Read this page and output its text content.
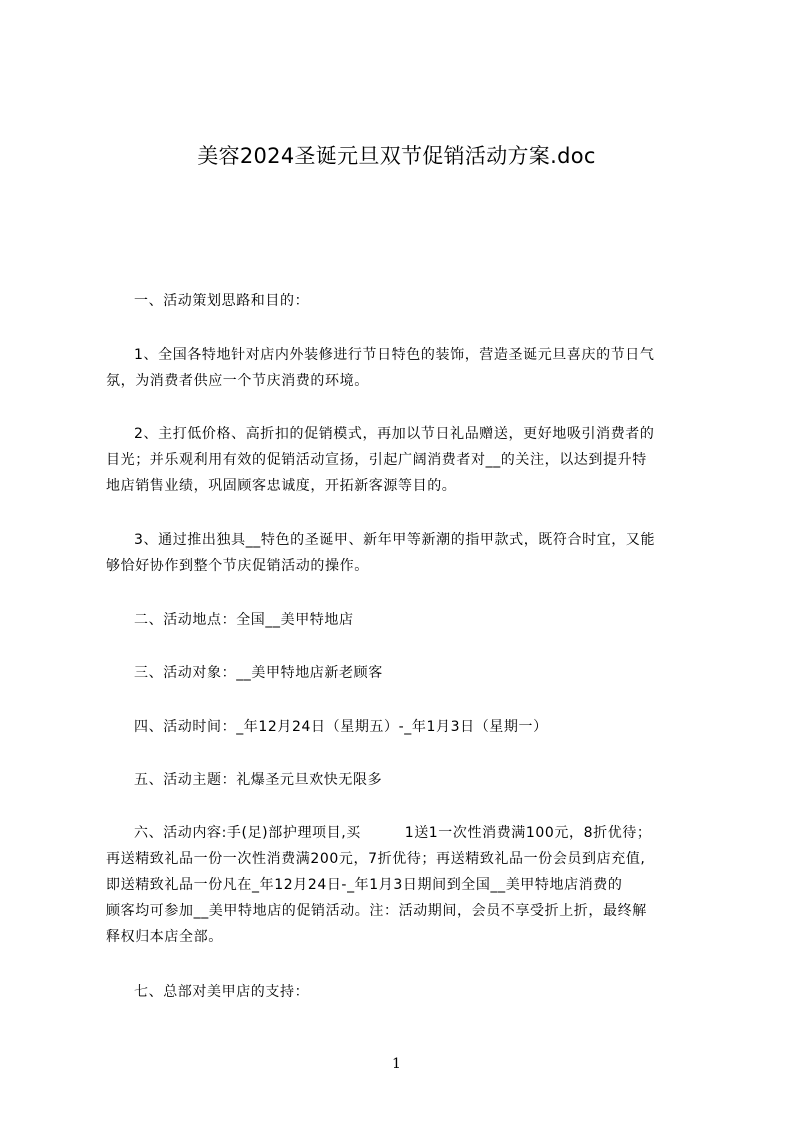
美容2024圣诞元旦双节促销活动方案.doc
一、活动策划思路和目的：
1、全国各特地针对店内外装修进行节日特色的装饰，营造圣诞元旦喜庆的节日气
氛，为消费者供应一个节庆消费的环境。
2、主打低价格、高折扣的促销模式，再加以节日礼品赠送，更好地吸引消费者的
目光；并乐观利用有效的促销活动宣扬，引起广阔消费者对__的关注，以达到提升特
地店销售业绩，巩固顾客忠诚度，开拓新客源等目的。
3、通过推出独具__特色的圣诞甲、新年甲等新潮的指甲款式，既符合时宜，又能
够恰好协作到整个节庆促销活动的操作。
二、活动地点：全国__美甲特地店
三、活动对象：__美甲特地店新老顾客
四、活动时间：_年12月24日（星期五）-_年1月3日（星期一）
五、活动主题：礼爆圣元旦欢快无限多
六、活动内容:手(足)部护理项目,买　　　1送1一次性消费满100元，8折优待；
再送精致礼品一份一次性消费满200元，7折优待；再送精致礼品一份会员到店充值,
即送精致礼品一份凡在_年12月24日-_年1月3日期间到全国__美甲特地店消费的
顾客均可参加__美甲特地店的促销活动。注：活动期间，会员不享受折上折，最终解
释权归本店全部。
七、总部对美甲店的支持：
1
